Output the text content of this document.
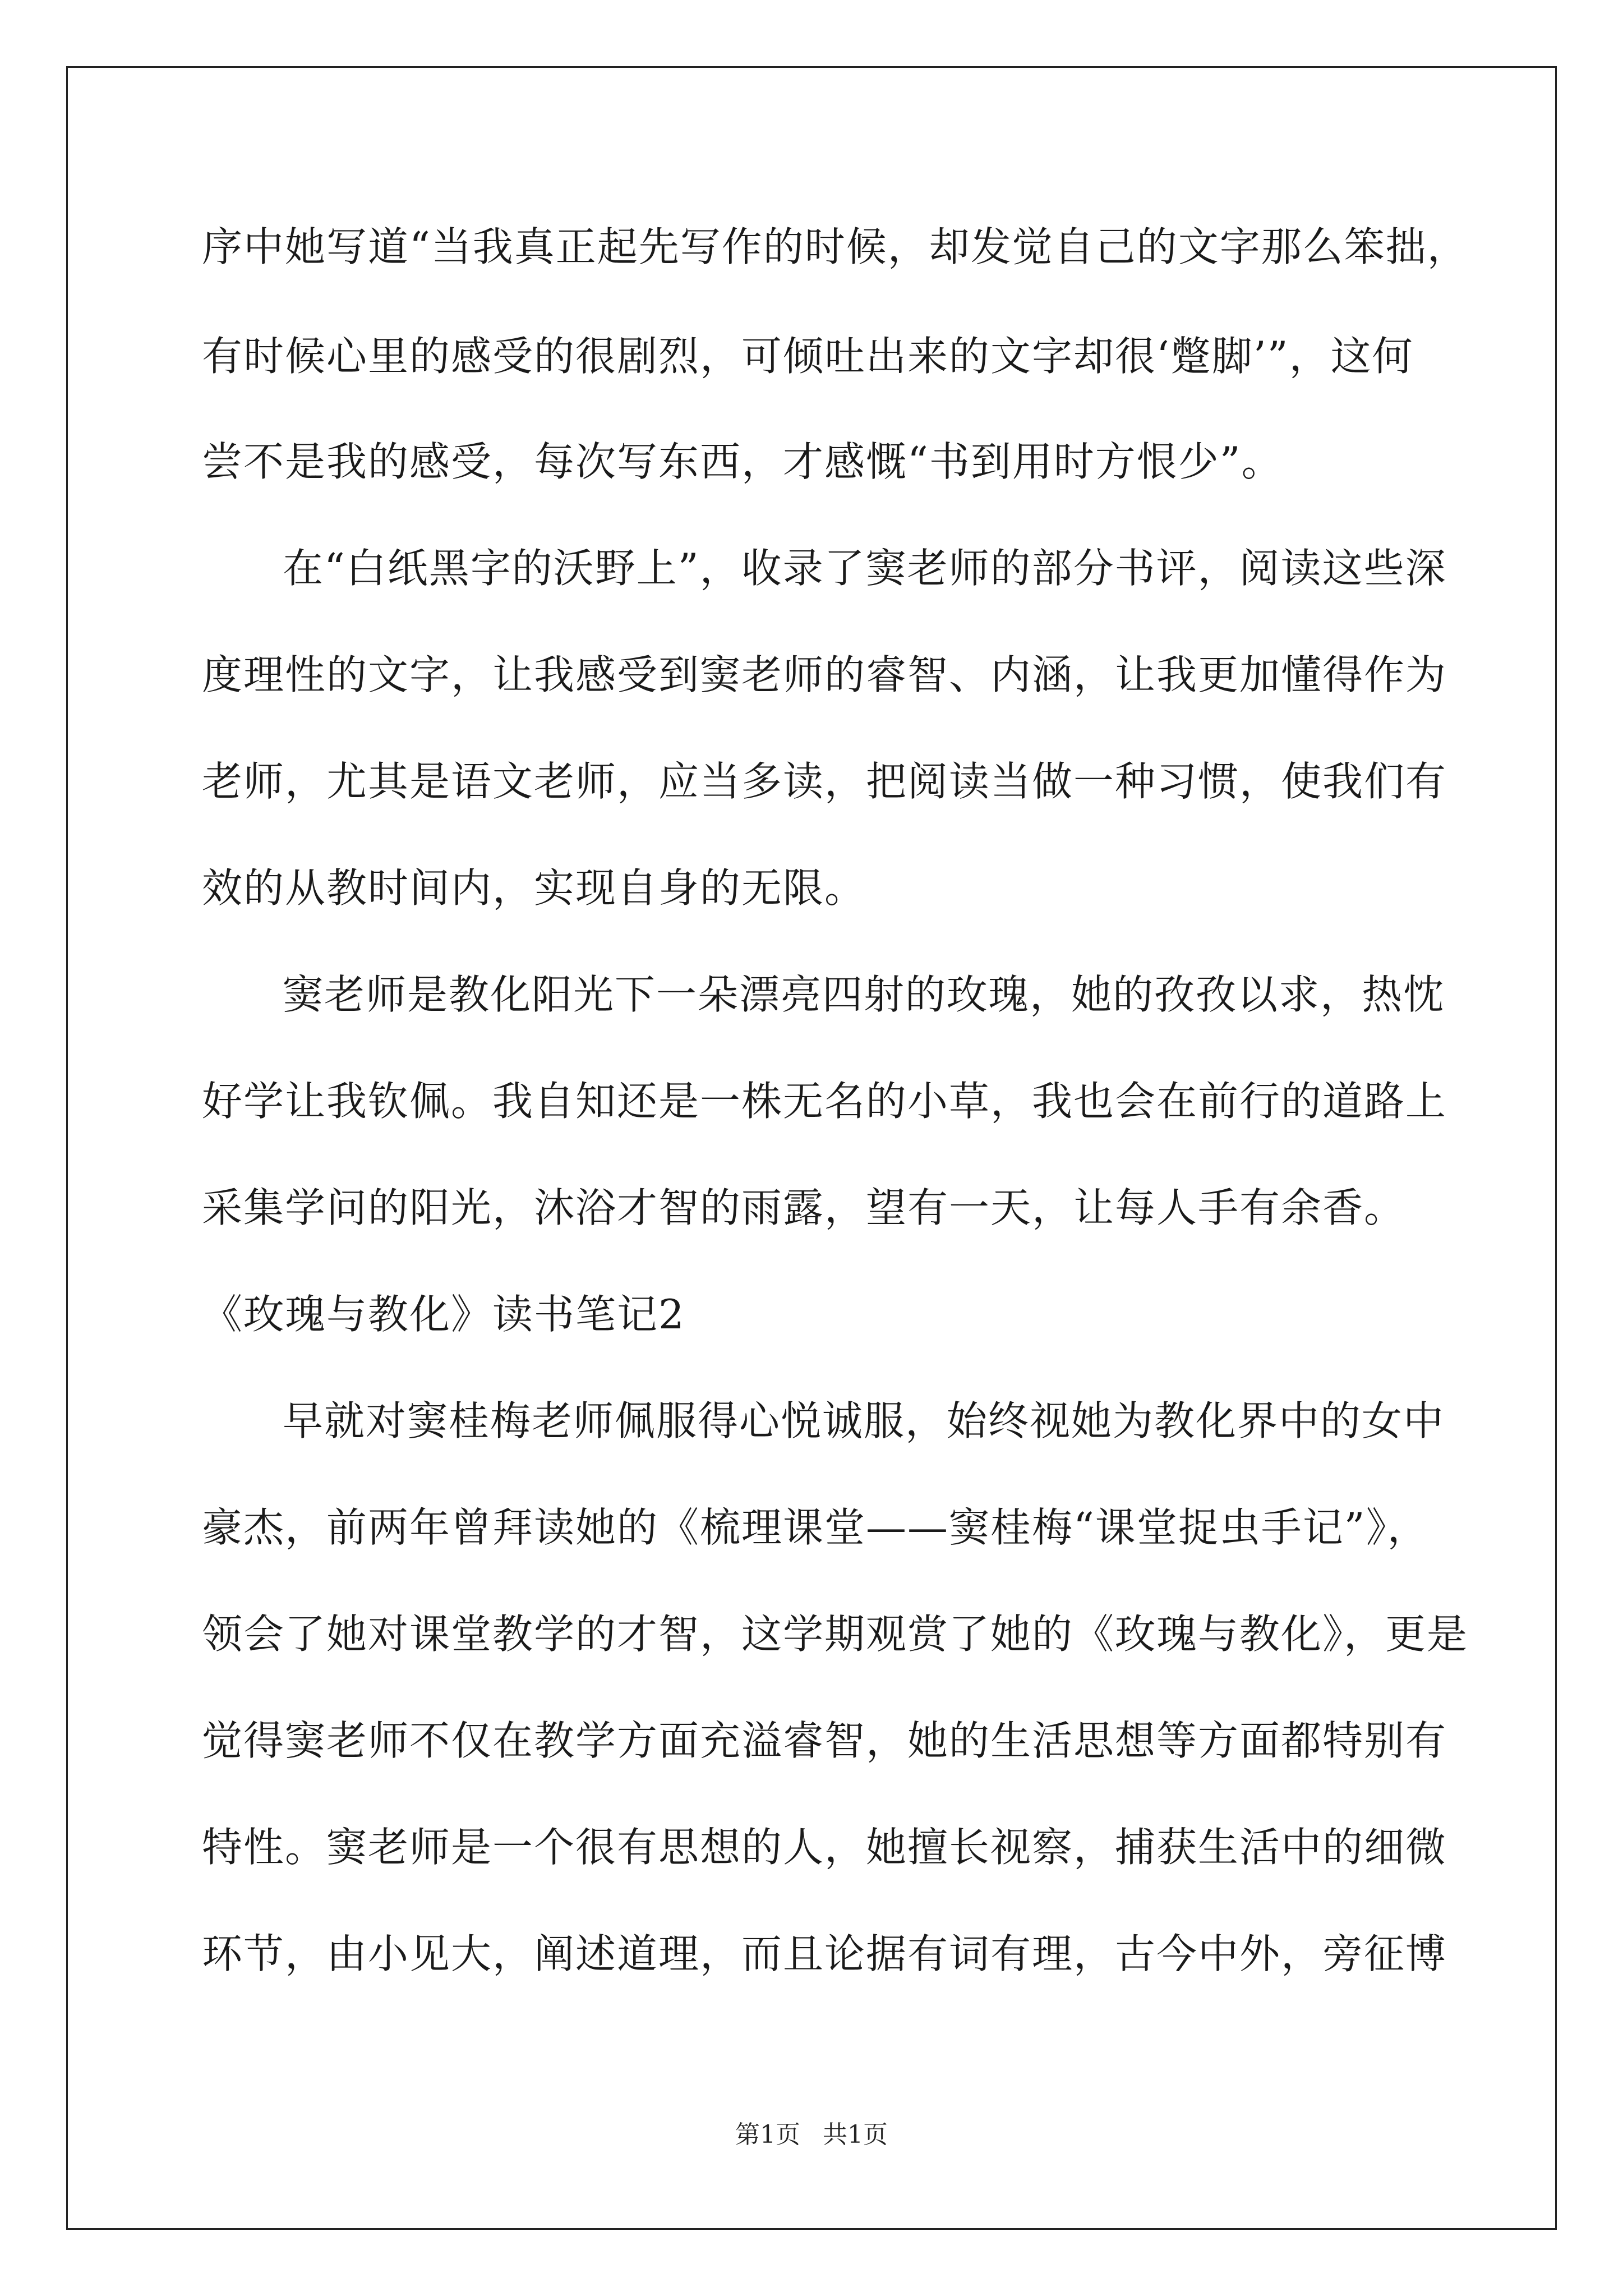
序中她写道“当我真正起先写作的时候，却发觉自己的文字那么笨拙，
有时候心里的感受的很剧烈，可倾吐出来的文字却很‘蹩脚’”，这何
尝不是我的感受，每次写东西，才感慨“书到用时方恨少”。
在“白纸黑字的沃野上”，收录了窦老师的部分书评，阅读这些深
度理性的文字，让我感受到窦老师的睿智、内涵，让我更加懂得作为
老师，尤其是语文老师，应当多读，把阅读当做一种习惯，使我们有
效的从教时间内，实现自身的无限。
窦老师是教化阳光下一朵漂亮四射的玫瑰，她的孜孜以求，热忱
好学让我钦佩。我自知还是一株无名的小草，我也会在前行的道路上
采集学问的阳光，沐浴才智的雨露，望有一天，让每人手有余香。
《玫瑰与教化》读书笔记2
早就对窦桂梅老师佩服得心悦诚服，始终视她为教化界中的女中
豪杰，前两年曾拜读她的《梳理课堂——窦桂梅“课堂捉虫手记”》，
领会了她对课堂教学的才智，这学期观赏了她的《玫瑰与教化》，更是
觉得窦老师不仅在教学方面充溢睿智，她的生活思想等方面都特别有
特性。窦老师是一个很有思想的人，她擅长视察，捕获生活中的细微
环节，由小见大，阐述道理，而且论据有词有理，古今中外，旁征博
第1页 共1页
